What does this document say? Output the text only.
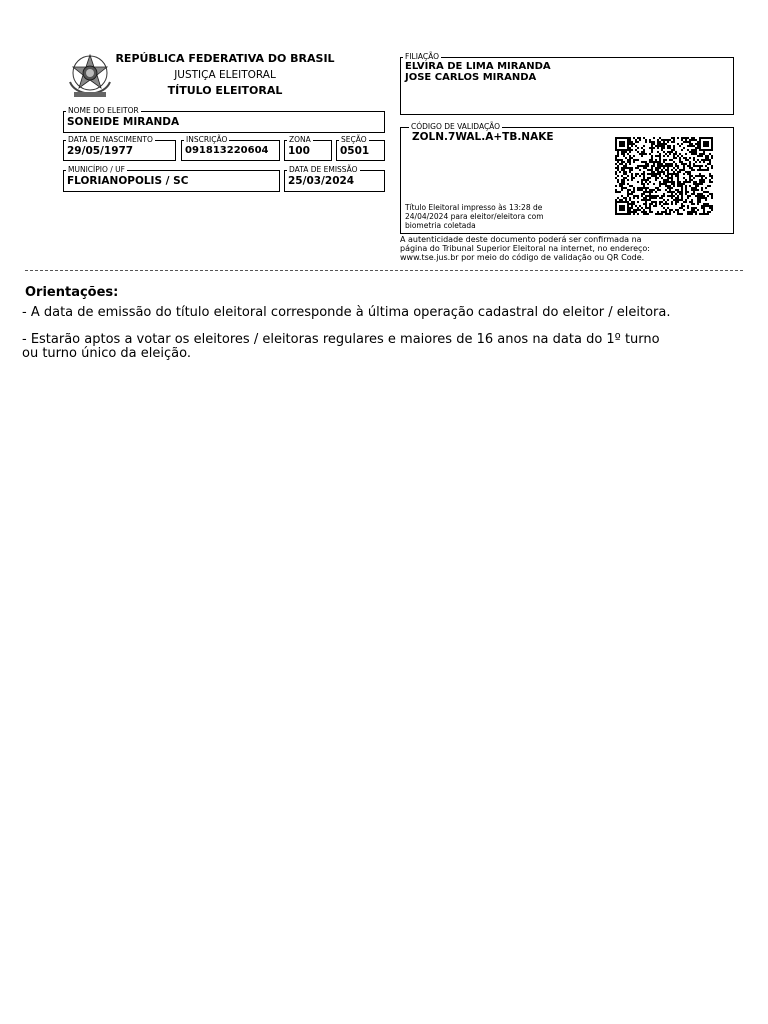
REPÚBLICA FEDERATIVA DO BRASIL
JUSTIÇA ELEITORAL
TÍTULO ELEITORAL
NOME DO ELEITOR
SONEIDE MIRANDA
DATA DE NASCIMENTO
29/05/1977
INSCRIÇÃO
091813220604
ZONA
100
SEÇÃO
0501
MUNICÍPIO / UF
FLORIANOPOLIS / SC
DATA DE EMISSÃO
25/03/2024
FILIAÇÃO
ELVIRA DE LIMA MIRANDA
JOSE CARLOS MIRANDA
CÓDIGO DE VALIDAÇÃO
ZOLN.7WAL.A+TB.NAKE
Título Eleitoral impresso às 13:28 de
24/04/2024 para eleitor/eleitora com
biometria coletada
A autenticidade deste documento poderá ser confirmada na
página do Tribunal Superior Eleitoral na internet, no endereço:
www.tse.jus.br por meio do código de validação ou QR Code.
Orientações:
- A data de emissão do título eleitoral corresponde à última operação cadastral do eleitor / eleitora.
- Estarão aptos a votar os eleitores / eleitoras regulares e maiores de 16 anos na data do 1º turno
ou turno único da eleição.
